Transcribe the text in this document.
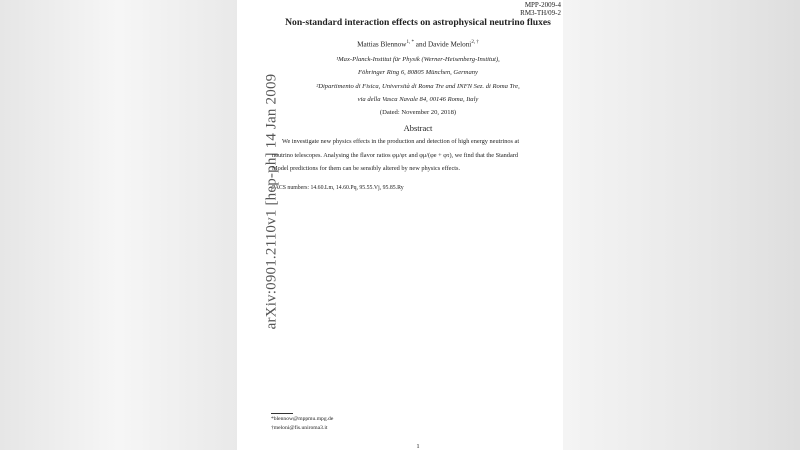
arXiv:0901.2110v1 [hep-ph] 14 Jan 2009
MPP-2009-4
RM3-TH/09-2
Non-standard interaction effects on astrophysical neutrino fluxes
Mattias Blennow$^{1, *}$ and Davide Meloni$^{2, \dagger}$
¹Max-Planck-Institut für Physik (Werner-Heisenberg-Institut),
Föhringer Ring 6, 80805 München, Germany
²Dipartimento di Fisica, Università di Roma Tre and INFN Sez. di Roma Tre,
via della Vasca Navale 84, 00146 Roma, Italy
(Dated: November 20, 2018)
Abstract
We investigate new physics effects in the production and detection of high energy neutrinos at
neutrino telescopes. Analysing the flavor ratios φμ/φτ and φμ/(φe + φτ), we find that the Standard
Model predictions for them can be sensibly altered by new physics effects.
PACS numbers: 14.60.Lm, 14.60.Pq, 95.55.Vj, 95.85.Ry
*blennow@mppmu.mpg.de
†meloni@fis.uniroma3.it
1
